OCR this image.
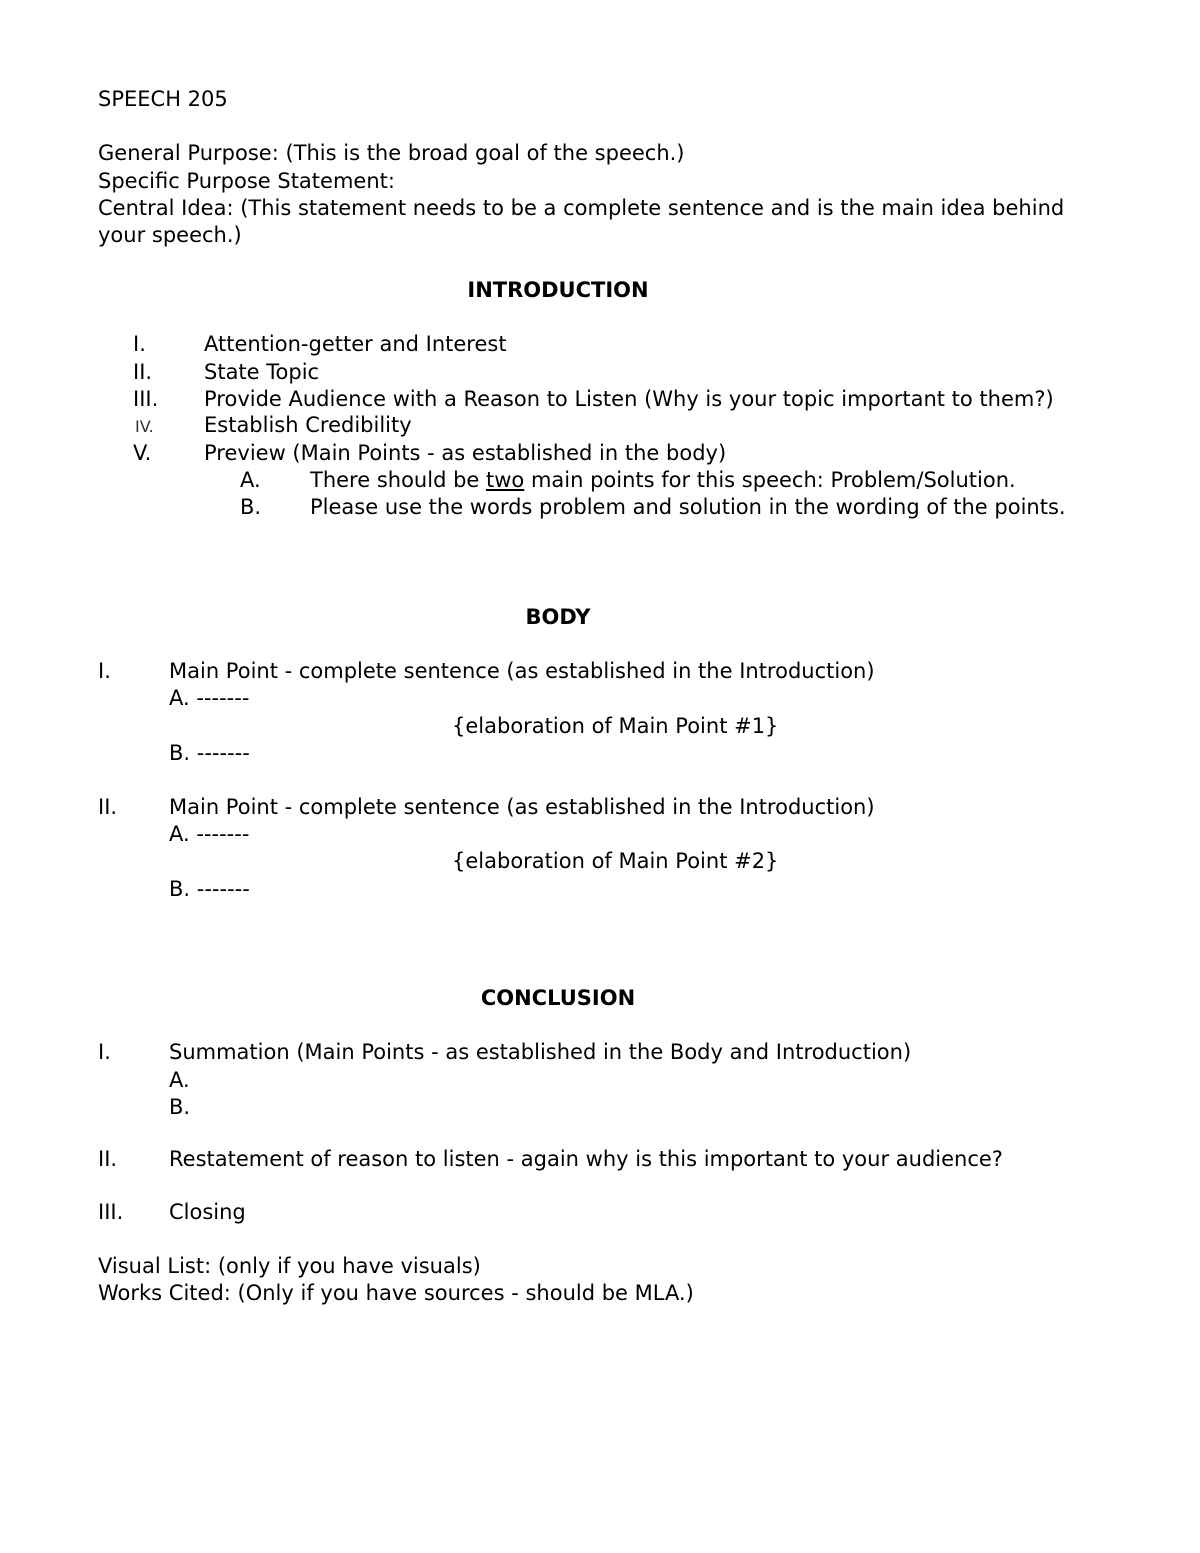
SPEECH 205
General Purpose: (This is the broad goal of the speech.)
Specific Purpose Statement:
Central Idea: (This statement needs to be a complete sentence and is the main idea behind
your speech.)
INTRODUCTION
I.	Attention-getter and Interest
II. State Topic
III. Provide Audience with a Reason to Listen (Why is your topic important to them?)
IV. Establish Credibility
V.	Preview (Main Points - as established in the body)
A. There should be two main points for this speech: Problem/Solution.
B. Please use the words problem and solution in the wording of the points.
BODY
I.	Main Point - complete sentence (as established in the Introduction)
A. -------
{elaboration of Main Point #1}
B. -------
II. Main Point - complete sentence (as established in the Introduction)
A. -------
{elaboration of Main Point #2}
B. -------
CONCLUSION
I.	Summation (Main Points - as established in the Body and Introduction)
A.
B.
II. Restatement of reason to listen - again why is this important to your audience?
III. Closing
Visual List: (only if you have visuals)
Works Cited: (Only if you have sources - should be MLA.)
